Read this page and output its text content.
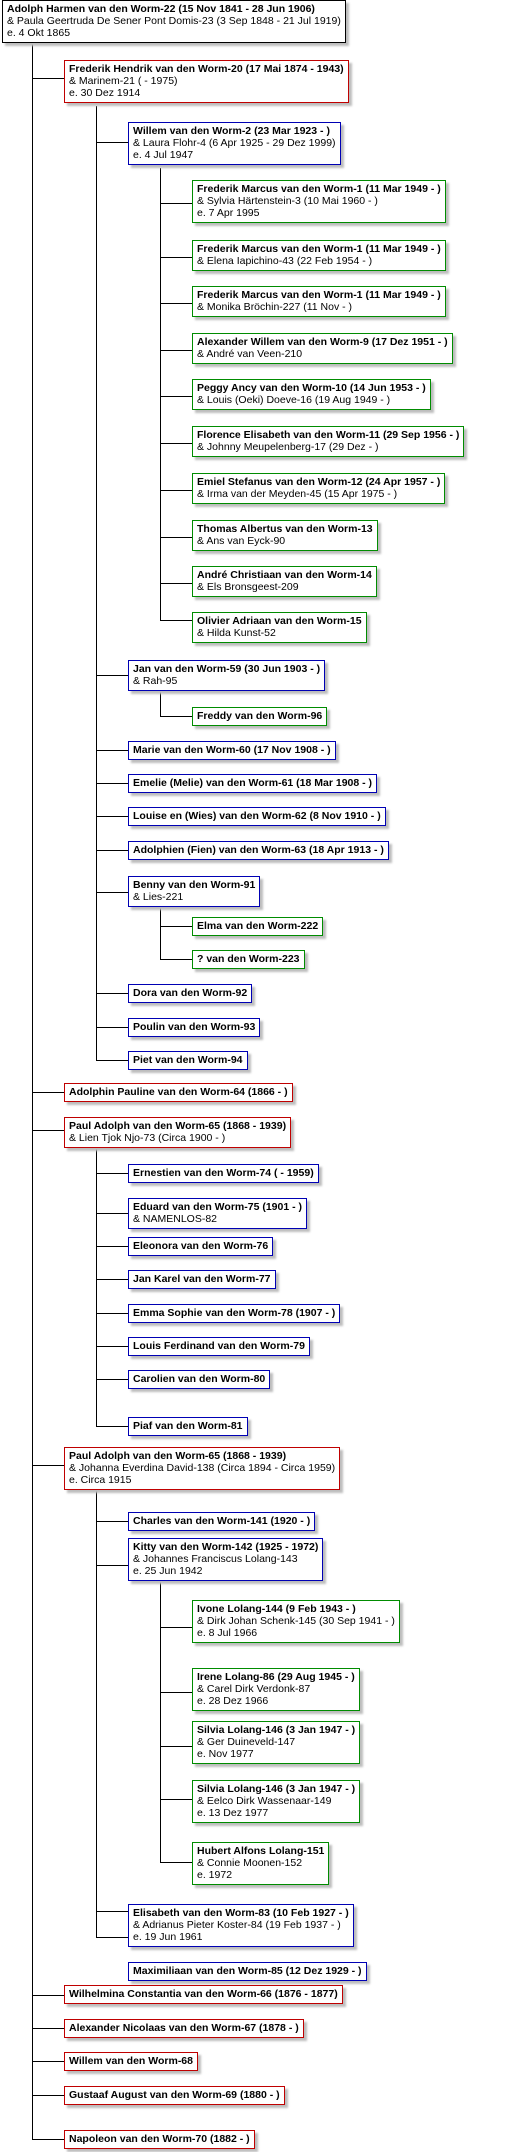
Adolph Harmen van den Worm-22 (15 Nov 1841 - 28 Jun 1906)
& Paula Geertruda De Sener Pont Domis-23 (3 Sep 1848 - 21 Jul 1919)
e. 4 Okt 1865
Frederik Hendrik van den Worm-20 (17 Mai 1874 - 1943)
& Marinem-21 ( - 1975)
e. 30 Dez 1914
Willem van den Worm-2 (23 Mar 1923 - )
& Laura Flohr-4 (6 Apr 1925 - 29 Dez 1999)
e. 4 Jul 1947
Frederik Marcus van den Worm-1 (11 Mar 1949 - )
& Sylvia Härtenstein-3 (10 Mai 1960 - )
e. 7 Apr 1995
Frederik Marcus van den Worm-1 (11 Mar 1949 - )
& Elena Iapichino-43 (22 Feb 1954 - )
Frederik Marcus van den Worm-1 (11 Mar 1949 - )
& Monika Bröchin-227 (11 Nov - )
Alexander Willem van den Worm-9 (17 Dez 1951 - )
& André van Veen-210
Peggy Ancy van den Worm-10 (14 Jun 1953 - )
& Louis (Oeki) Doeve-16 (19 Aug 1949 - )
Florence Elisabeth van den Worm-11 (29 Sep 1956 - )
& Johnny Meupelenberg-17 (29 Dez - )
Emiel Stefanus van den Worm-12 (24 Apr 1957 - )
& Irma van der Meyden-45 (15 Apr 1975 - )
Thomas Albertus van den Worm-13
& Ans van Eyck-90
André Christiaan van den Worm-14
& Els Bronsgeest-209
Olivier Adriaan van den Worm-15
& Hilda Kunst-52
Jan van den Worm-59 (30 Jun 1903 - )
& Rah-95
Freddy van den Worm-96
Marie van den Worm-60 (17 Nov 1908 - )
Emelie (Melie) van den Worm-61 (18 Mar 1908 - )
Louise en (Wies) van den Worm-62 (8 Nov 1910 - )
Adolphien (Fien) van den Worm-63 (18 Apr 1913 - )
Benny van den Worm-91
& Lies-221
Elma van den Worm-222
? van den Worm-223
Dora van den Worm-92
Poulin van den Worm-93
Piet van den Worm-94
Adolphin Pauline van den Worm-64 (1866 - )
Paul Adolph van den Worm-65 (1868 - 1939)
& Lien Tjok Njo-73 (Circa 1900 - )
Ernestien van den Worm-74 ( - 1959)
Eduard van den Worm-75 (1901 - )
& NAMENLOS-82
Eleonora van den Worm-76
Jan Karel van den Worm-77
Emma Sophie van den Worm-78 (1907 - )
Louis Ferdinand van den Worm-79
Carolien van den Worm-80
Piaf van den Worm-81
Paul Adolph van den Worm-65 (1868 - 1939)
& Johanna Everdina David-138 (Circa 1894 - Circa 1959)
e. Circa 1915
Charles van den Worm-141 (1920 - )
Kitty van den Worm-142 (1925 - 1972)
& Johannes Franciscus Lolang-143
e. 25 Jun 1942
Ivone Lolang-144 (9 Feb 1943 - )
& Dirk Johan Schenk-145 (30 Sep 1941 - )
e. 8 Jul 1966
Irene Lolang-86 (29 Aug 1945 - )
& Carel Dirk Verdonk-87
e. 28 Dez 1966
Silvia Lolang-146 (3 Jan 1947 - )
& Ger Duineveld-147
e. Nov 1977
Silvia Lolang-146 (3 Jan 1947 - )
& Eelco Dirk Wassenaar-149
e. 13 Dez 1977
Hubert Alfons Lolang-151
& Connie Moonen-152
e. 1972
Elisabeth van den Worm-83 (10 Feb 1927 - )
& Adrianus Pieter Koster-84 (19 Feb 1937 - )
e. 19 Jun 1961
Maximiliaan van den Worm-85 (12 Dez 1929 - )
Wilhelmina Constantia van den Worm-66 (1876 - 1877)
Alexander Nicolaas van den Worm-67 (1878 - )
Willem van den Worm-68
Gustaaf August van den Worm-69 (1880 - )
Napoleon van den Worm-70 (1882 - )
